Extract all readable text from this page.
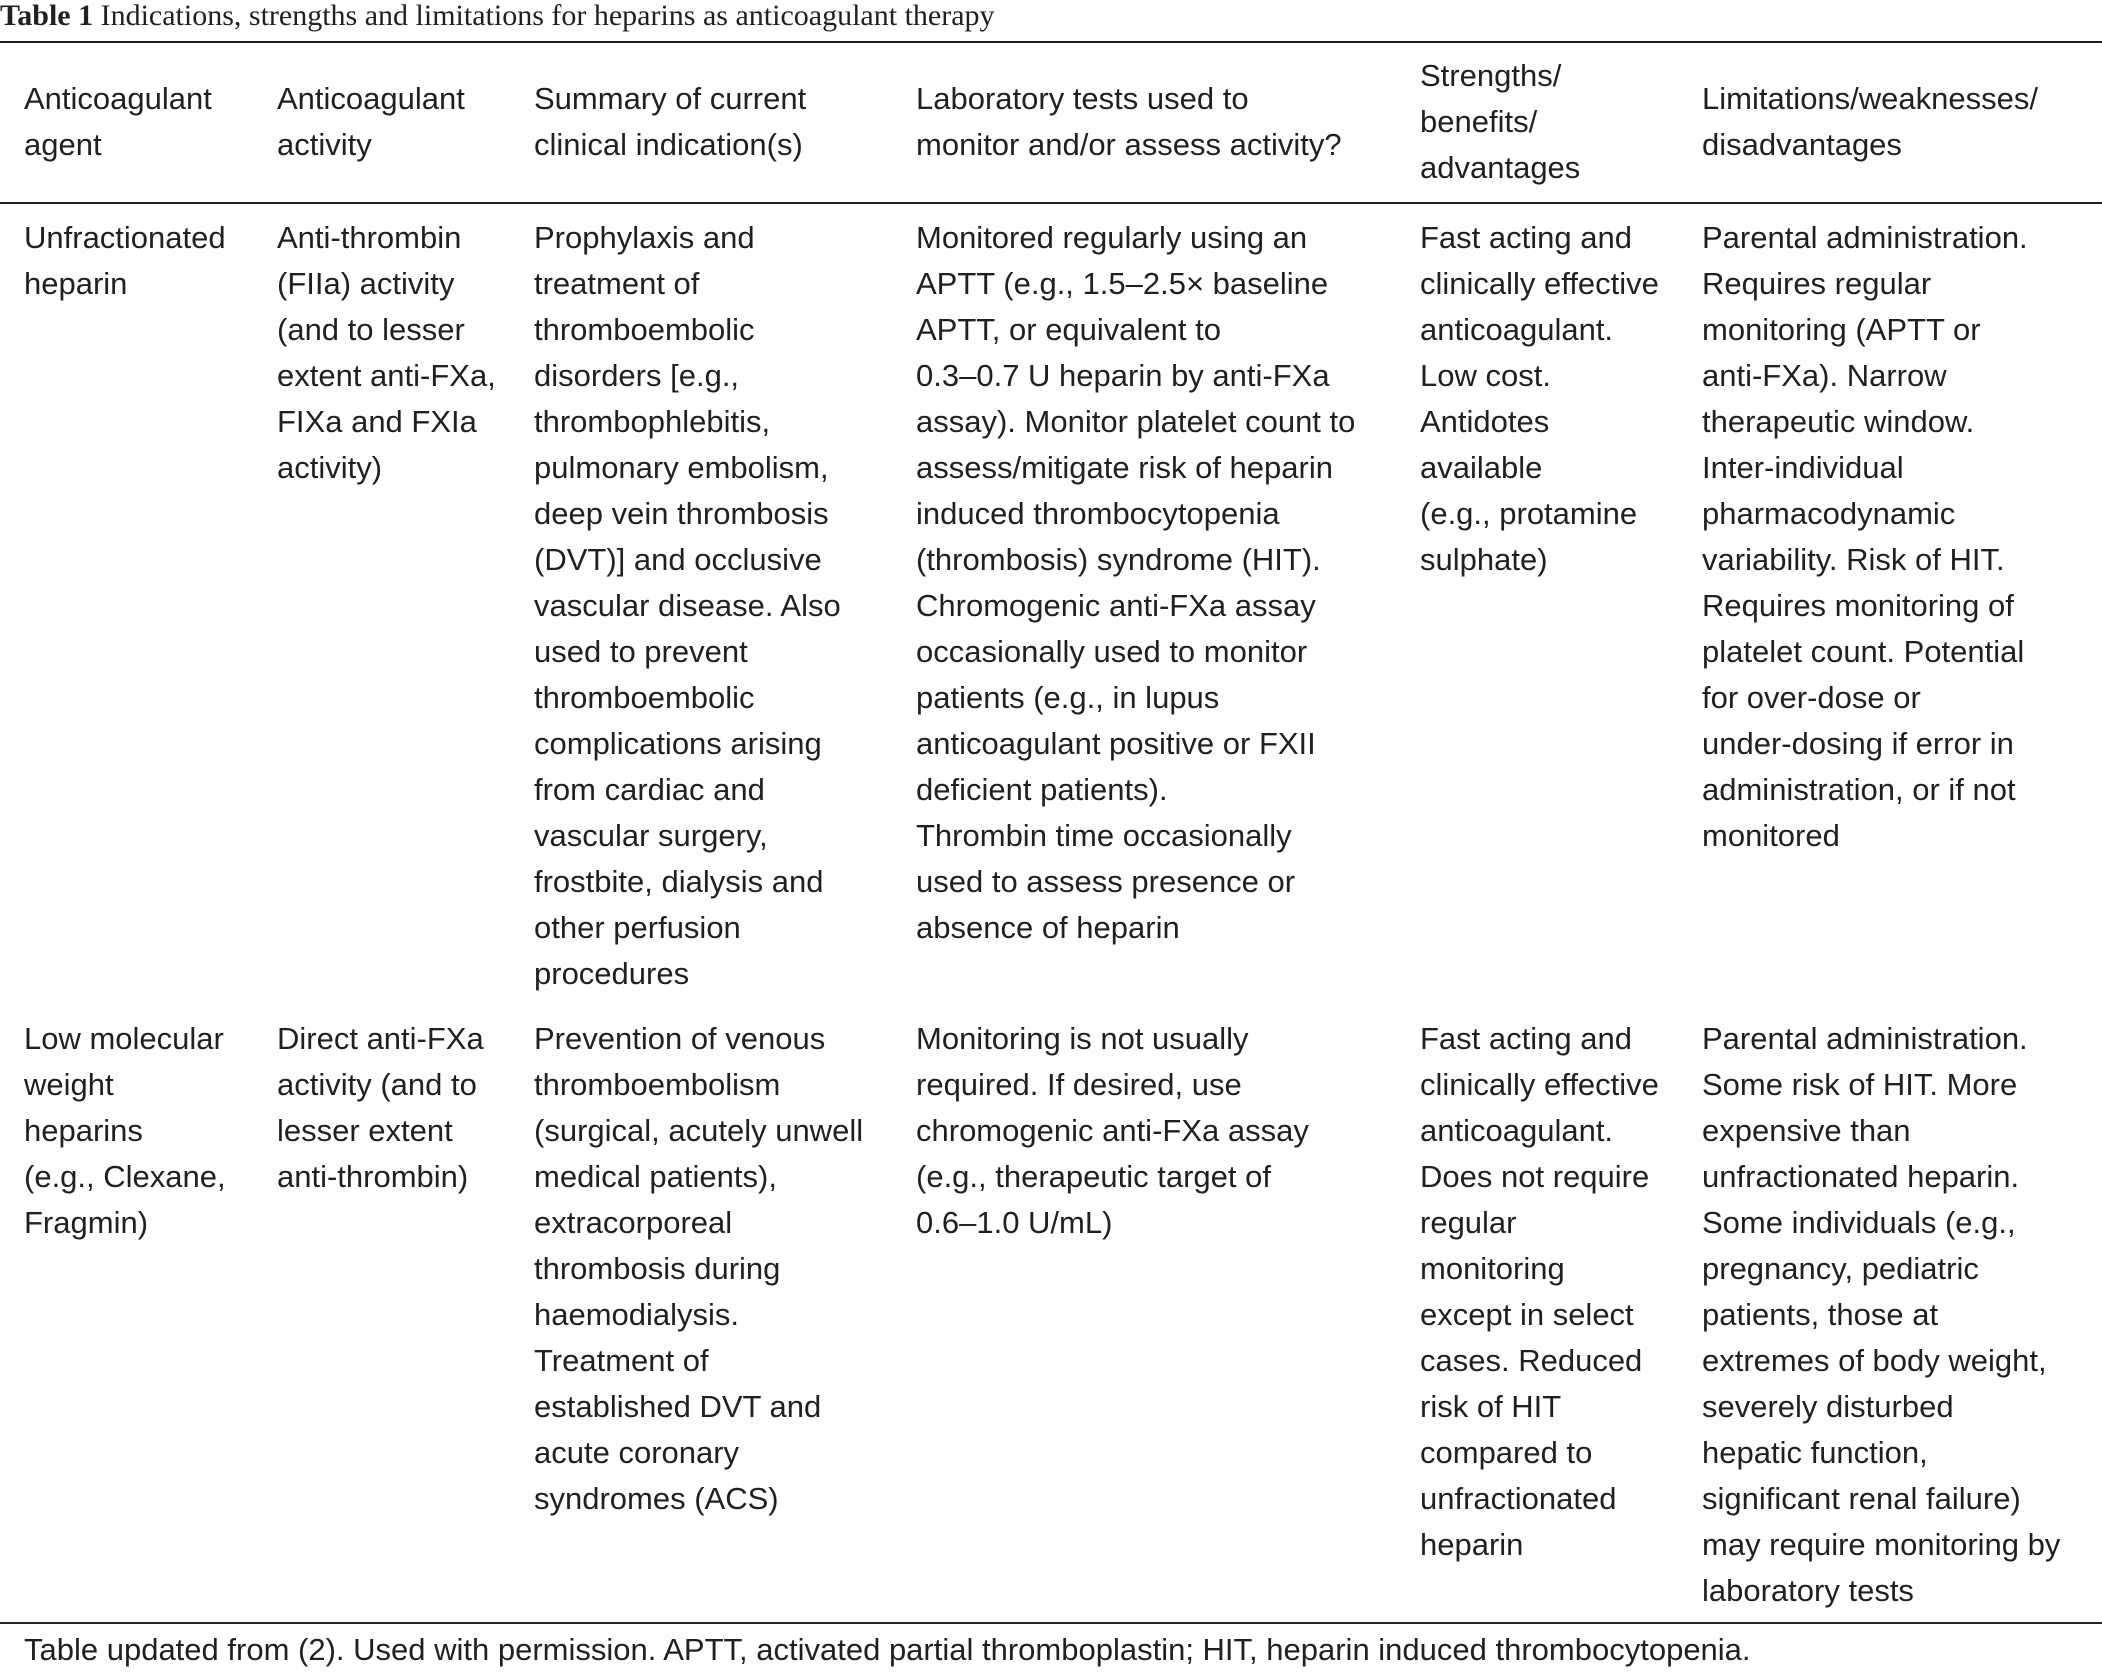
Table 1 Indications, strengths and limitations for heparins as anticoagulant therapy
Anticoagulant
agent
Anticoagulant
activity
Summary of current
clinical indication(s)
Laboratory tests used to
monitor and/or assess activity?
Strengths/
benefits/
advantages
Limitations/weaknesses/
disadvantages
Unfractionated
heparin
Anti-thrombin
(FIIa) activity
(and to lesser
extent anti-FXa,
FIXa and FXIa
activity)
Prophylaxis and
treatment of
thromboembolic
disorders [e.g.,
thrombophlebitis,
pulmonary embolism,
deep vein thrombosis
(DVT)] and occlusive
vascular disease. Also
used to prevent
thromboembolic
complications arising
from cardiac and
vascular surgery,
frostbite, dialysis and
other perfusion
procedures
Monitored regularly using an
APTT (e.g., 1.5–2.5× baseline
APTT, or equivalent to
0.3–0.7 U heparin by anti-FXa
assay). Monitor platelet count to
assess/mitigate risk of heparin
induced thrombocytopenia
(thrombosis) syndrome (HIT).
Chromogenic anti-FXa assay
occasionally used to monitor
patients (e.g., in lupus
anticoagulant positive or FXII
deficient patients).
Thrombin time occasionally
used to assess presence or
absence of heparin
Fast acting and
clinically effective
anticoagulant.
Low cost.
Antidotes
available
(e.g., protamine
sulphate)
Parental administration.
Requires regular
monitoring (APTT or
anti-FXa). Narrow
therapeutic window.
Inter-individual
pharmacodynamic
variability. Risk of HIT.
Requires monitoring of
platelet count. Potential
for over-dose or
under-dosing if error in
administration, or if not
monitored
Low molecular
weight
heparins
(e.g., Clexane,
Fragmin)
Direct anti-FXa
activity (and to
lesser extent
anti-thrombin)
Prevention of venous
thromboembolism
(surgical, acutely unwell
medical patients),
extracorporeal
thrombosis during
haemodialysis.
Treatment of
established DVT and
acute coronary
syndromes (ACS)
Monitoring is not usually
required. If desired, use
chromogenic anti-FXa assay
(e.g., therapeutic target of
0.6–1.0 U/mL)
Fast acting and
clinically effective
anticoagulant.
Does not require
regular
monitoring
except in select
cases. Reduced
risk of HIT
compared to
unfractionated
heparin
Parental administration.
Some risk of HIT. More
expensive than
unfractionated heparin.
Some individuals (e.g.,
pregnancy, pediatric
patients, those at
extremes of body weight,
severely disturbed
hepatic function,
significant renal failure)
may require monitoring by
laboratory tests
Table updated from (2). Used with permission. APTT, activated partial thromboplastin; HIT, heparin induced thrombocytopenia.
